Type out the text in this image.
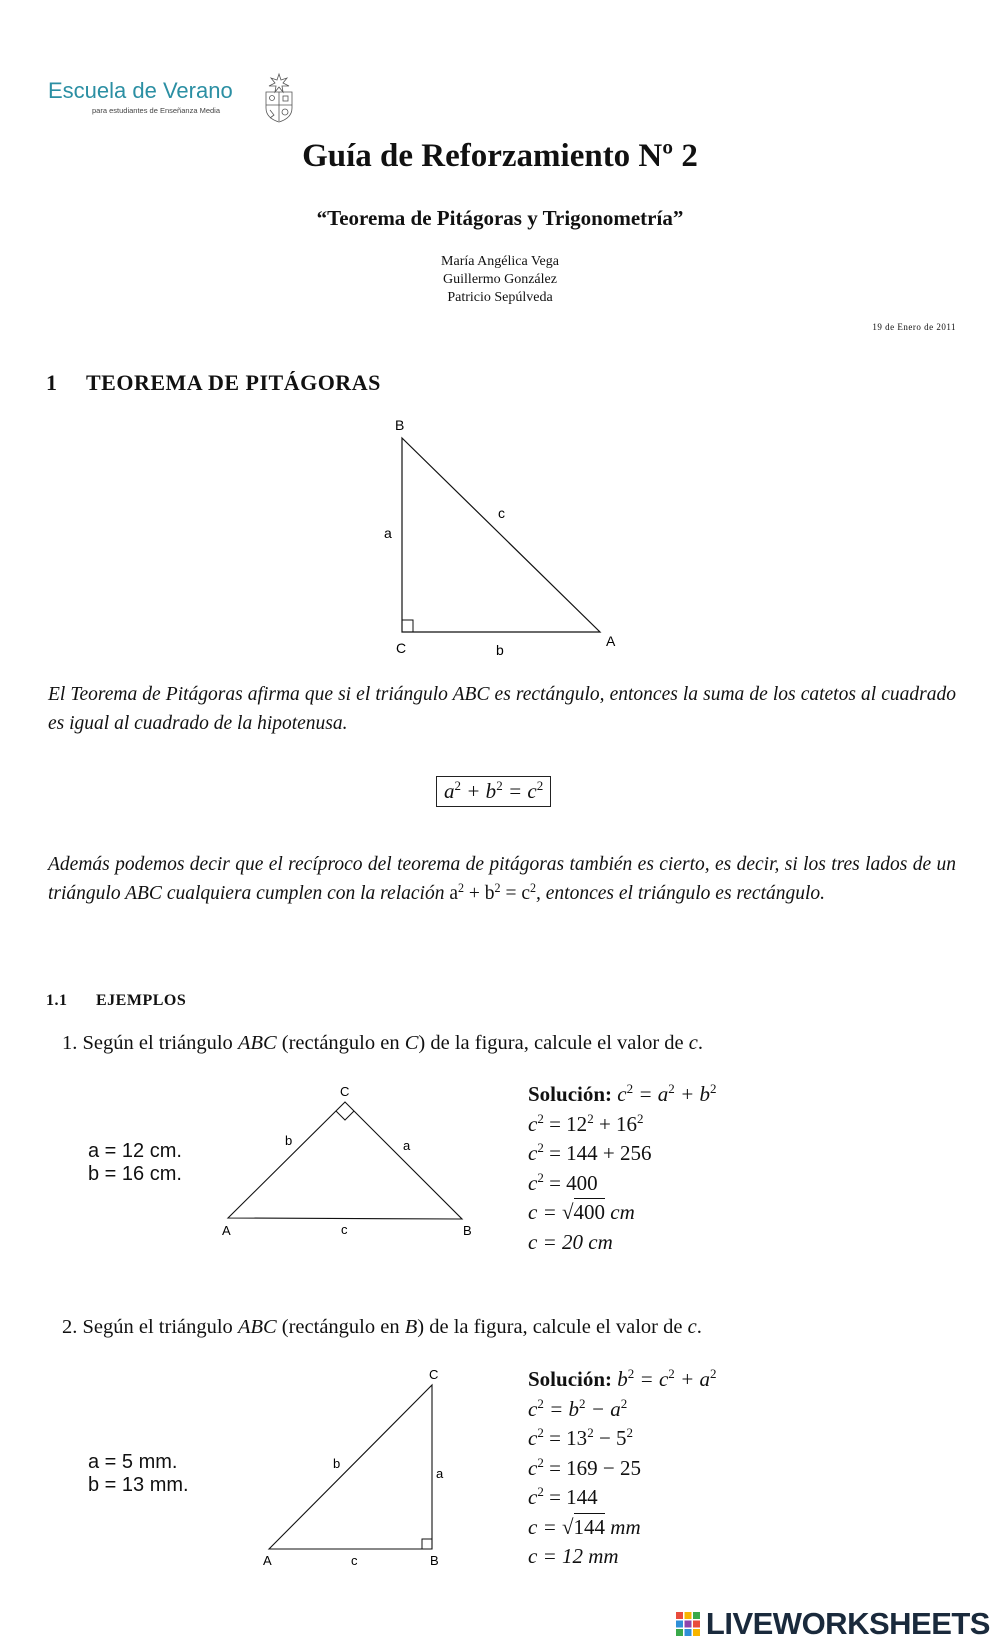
Escuela de Verano
para estudiantes de Enseñanza Media
Guía de Reforzamiento Nº 2
“Teorema de Pitágoras y Trigonometría”
María Angélica Vega
Guillermo González
Patricio Sepúlveda
19 de Enero de 2011
1 TEOREMA DE PITÁGORAS
B
C	A
a
b
c
El Teorema de Pitágoras afirma que si el triángulo ABC es rectángulo, entonces la suma de los catetos al cuadrado es igual al cuadrado de la hipotenusa.
$a^2 + b^2 = c^2$
Además podemos decir que el recíproco del teorema de pitágoras también es cierto, es decir, si los tres lados de un triángulo ABC cualquiera cumplen con la relación $a^2 + b^2 = c^2$, entonces el triángulo es rectángulo.
1.1 EJEMPLOS
1. Según el triángulo ABC (rectángulo en C) de la figura, calcule el valor de c.
a = 12 cm.
b = 16 cm.
C
A	B
b	a
c
Solución: $c^2 = a^2 + b^2$
$c^2 = 12^2 + 16^2$
$c^2 = 144 + 256$
$c^2 = 400$
c = √400 cm
c = 20 cm
2. Según el triángulo ABC (rectángulo en B) de la figura, calcule el valor de c.
a = 5 mm.
b = 13 mm.
C
A	B
b
a
c
Solución: $b^2 = c^2 + a^2$
$c^2 = b^2 - a^2$
$c^2 = 13^2 - 5^2$
$c^2 = 169 - 25$
$c^2 = 144$
c = √144 mm
c = 12 mm
LIVEWORKSHEETS
